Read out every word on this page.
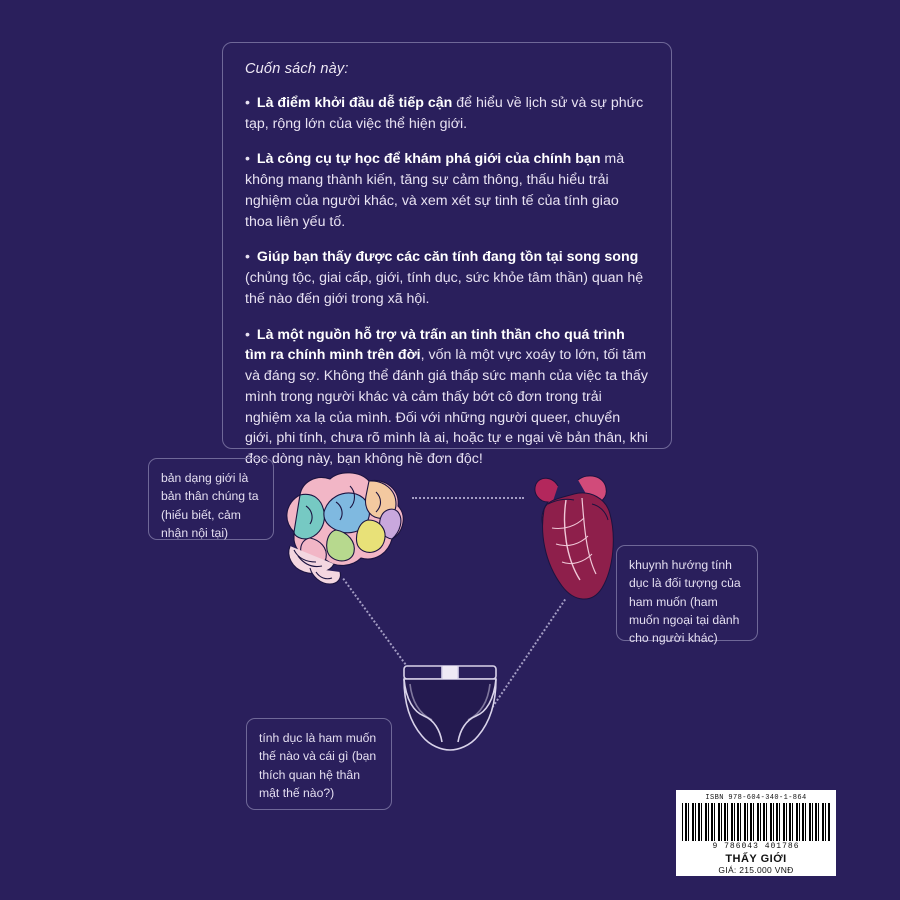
Cuốn sách này:

• Là điểm khởi đầu dễ tiếp cận để hiểu về lịch sử và sự phức tạp, rộng lớn của việc thể hiện giới.

• Là công cụ tự học để khám phá giới của chính bạn mà không mang thành kiến, tăng sự cảm thông, thấu hiểu trải nghiệm của người khác, và xem xét sự tinh tế của tính giao thoa liên yếu tố.

• Giúp bạn thấy được các căn tính đang tồn tại song song (chủng tộc, giai cấp, giới, tính dục, sức khỏe tâm thần) quan hệ thế nào đến giới trong xã hội.

• Là một nguồn hỗ trợ và trấn an tinh thần cho quá trình tìm ra chính mình trên đời, vốn là một vực xoáy to lớn, tối tăm và đáng sợ. Không thể đánh giá thấp sức mạnh của việc ta thấy mình trong người khác và cảm thấy bớt cô đơn trong trải nghiệm xa lạ của mình. Đối với những người queer, chuyển giới, phi tính, chưa rõ mình là ai, hoặc tự e ngại về bản thân, khi đọc dòng này, bạn không hề đơn độc!

bản dạng giới là bản thân chúng ta (hiểu biết, cảm nhận nội tại)
khuynh hướng tính dục là đối tượng của ham muốn (ham muốn ngoại tại dành cho người khác)
tính dục là ham muốn thế nào và cái gì (bạn thích quan hệ thân mật thế nào?)	ISBN 978-604-340-1-864
9 786043 401786
THẤY GIỚI
GIÁ: 215.000 VNĐ
